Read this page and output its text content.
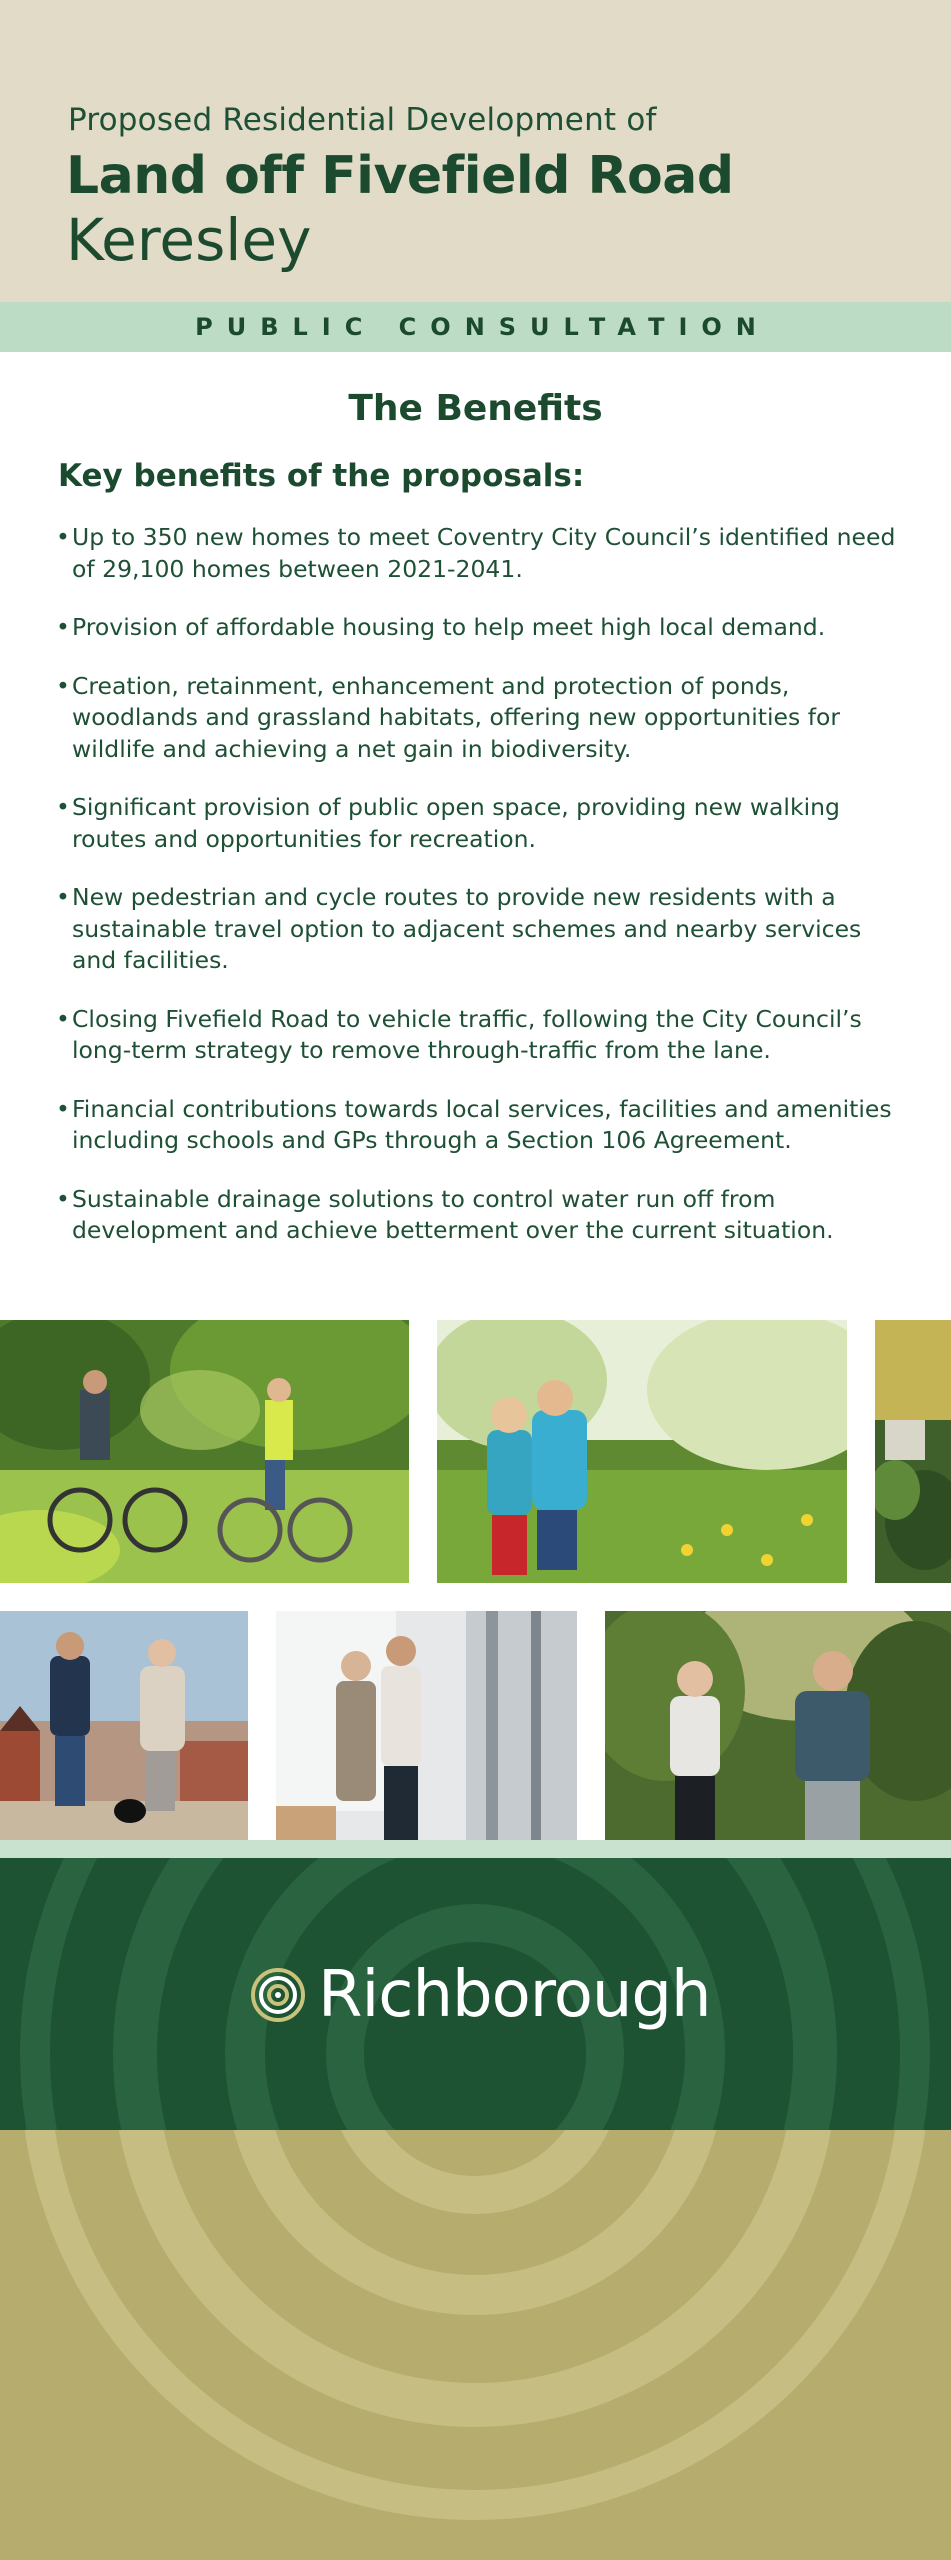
Proposed Residential Development of
Land off Fivefield Road
Keresley
PUBLIC CONSULTATION
The Benefits
Key benefits of the proposals:
• Up to 350 new homes to meet Coventry City Council’s identified need of 29,100 homes between 2021-2041.
• Provision of affordable housing to help meet high local demand.
• Creation, retainment, enhancement and protection of ponds, woodlands and grassland habitats, offering new opportunities for wildlife and achieving a net gain in biodiversity.
• Significant provision of public open space, providing new walking routes and opportunities for recreation.
• New pedestrian and cycle routes to provide new residents with a sustainable travel option to adjacent schemes and nearby services and facilities.
• Closing Fivefield Road to vehicle traffic, following the City Council’s long-term strategy to remove through-traffic from the lane.
• Financial contributions towards local services, facilities and amenities including schools and GPs through a Section 106 Agreement.
• Sustainable drainage solutions to control water run off from development and achieve betterment over the current situation.
Richborough
